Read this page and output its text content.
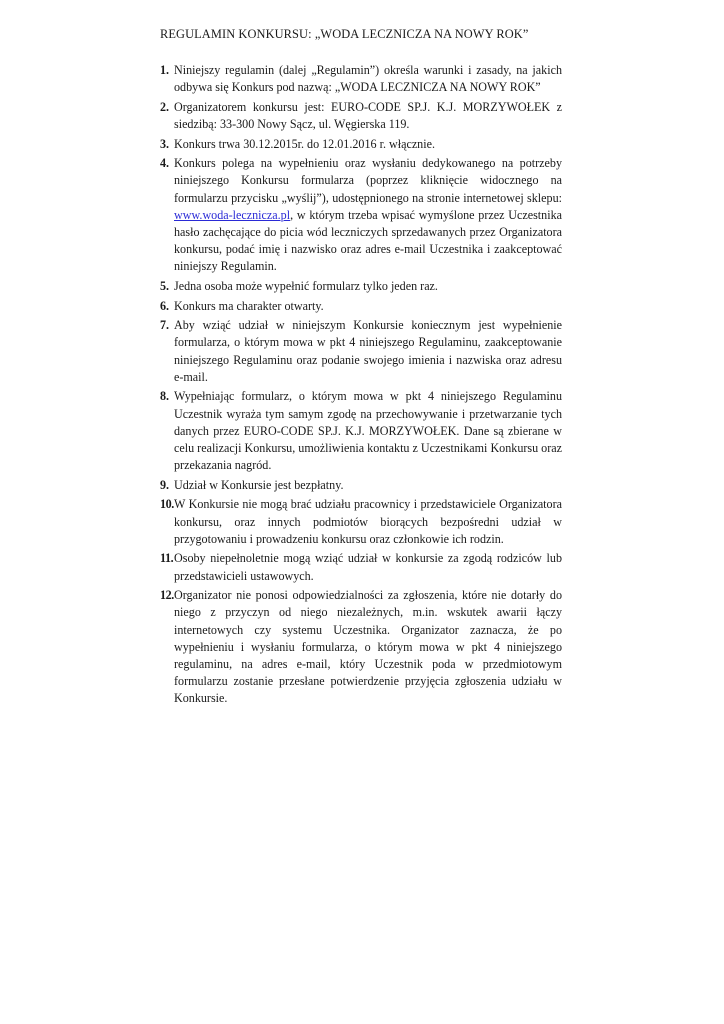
REGULAMIN KONKURSU: „WODA LECZNICZA NA NOWY ROK”
1. Niniejszy regulamin (dalej „Regulamin”) określa warunki i zasady, na jakich odbywa się Konkurs pod nazwą: „WODA LECZNICZA NA NOWY ROK”
2. Organizatorem konkursu jest: EURO-CODE SP.J. K.J. MORZYWOŁEK z siedzibą: 33-300 Nowy Sącz, ul. Węgierska 119.
3. Konkurs trwa 30.12.2015r. do 12.01.2016 r. włącznie.
4. Konkurs polega na wypełnieniu oraz wysłaniu dedykowanego na potrzeby niniejszego Konkursu formularza (poprzez kliknięcie widocznego na formularzu przycisku „wyślij”), udostępnionego na stronie internetowej sklepu: www.woda-lecznicza.pl, w którym trzeba wpisać wymyślone przez Uczestnika hasło zachęcające do picia wód leczniczych sprzedawanych przez Organizatora konkursu, podać imię i nazwisko oraz adres e-mail Uczestnika i zaakceptować niniejszy Regulamin.
5. Jedna osoba może wypełnić formularz tylko jeden raz.
6. Konkurs ma charakter otwarty.
7. Aby wziąć udział w niniejszym Konkursie koniecznym jest wypełnienie formularza, o którym mowa w pkt 4 niniejszego Regulaminu, zaakceptowanie niniejszego Regulaminu oraz podanie swojego imienia i nazwiska oraz adresu e-mail.
8. Wypełniając formularz, o którym mowa w pkt 4 niniejszego Regulaminu Uczestnik wyraża tym samym zgodę na przechowywanie i przetwarzanie tych danych przez EURO-CODE SP.J. K.J. MORZYWOŁEK. Dane są zbierane w celu realizacji Konkursu, umożliwienia kontaktu z Uczestnikami Konkursu oraz przekazania nagród.
9. Udział w Konkursie jest bezpłatny.
10. W Konkursie nie mogą brać udziału pracownicy i przedstawiciele Organizatora konkursu, oraz innych podmiotów biorących bezpośredni udział w przygotowaniu i prowadzeniu konkursu oraz członkowie ich rodzin.
11. Osoby niepełnoletnie mogą wziąć udział w konkursie za zgodą rodziców lub przedstawicieli ustawowych.
12. Organizator nie ponosi odpowiedzialności za zgłoszenia, które nie dotarły do niego z przyczyn od niego niezależnych, m.in. wskutek awarii łączy internetowych czy systemu Uczestnika. Organizator zaznacza, że po wypełnieniu i wysłaniu formularza, o którym mowa w pkt 4 niniejszego regulaminu, na adres e-mail, który Uczestnik poda w przedmiotowym formularzu zostanie przesłane potwierdzenie przyjęcia zgłoszenia udziału w Konkursie.
